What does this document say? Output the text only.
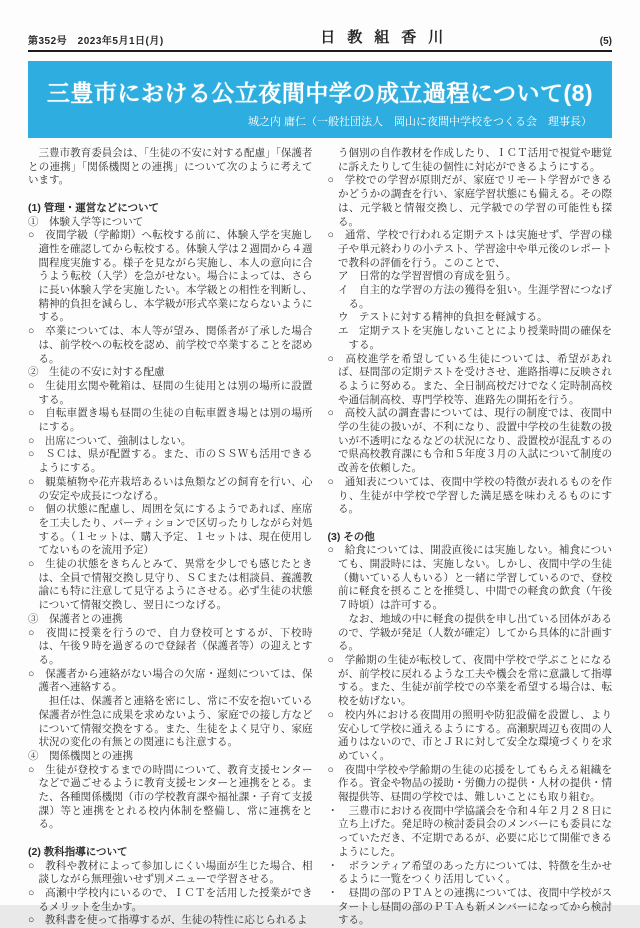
第352号　2023年5月1日(月)	日教組香川	(5)
三豊市における公立夜間中学の成立過程について(8)
城之内 庸仁（一般社団法人　岡山に夜間中学校をつくる会　理事長）
三豊市教育委員会は、「生徒の不安に対する配慮」「保護者との連携」「関係機関との連携」について次のように考えています。
(1) 管理・運営などについて
①　体験入学等について
○　夜間学級（学齢期）へ転校する前に、体験入学を実施し適性を確認してから転校する。体験入学は２週間から４週間程度実施する。様子を見ながら実施し、本人の意向に合うよう転校（入学）を急がせない。場合によっては、さらに長い体験入学を実施したい。本学級との相性を判断し、精神的負担を減らし、本学級が形式卒業にならないようにする。
○　卒業については、本人等が望み、関係者が了承した場合は、前学校への転校を認め、前学校で卒業することを認める。
②　生徒の不安に対する配慮
○　生徒用玄関や靴箱は、昼間の生徒用とは別の場所に設置する。
○　自転車置き場も昼間の生徒の自転車置き場とは別の場所にする。
○　出席について、強制はしない。
○　ＳＣは、県が配置する。また、市のＳＳＷも活用できるようにする。
○　観葉植物や花卉栽培あるいは魚類などの飼育を行い、心の安定や成長につなげる。
○　個の状態に配慮し、周囲を気にするようであれば、座席を工夫したり、パーティションで区切ったりしながら対処する。（１セットは、購入予定、１セットは、現在使用してないものを流用予定）
○　生徒の状態をきちんとみて、異常を少しでも感じたときは、全員で情報交換し見守り、ＳＣまたは相談員、養護教諭にも特に注意して見守るようにさせる。必ず生徒の状態について情報交換し、翌日につなげる。
③　保護者との連携
○　夜間に授業を行うので、自力登校可とするが、下校時は、午後９時を過ぎるので登録者（保護者等）の迎えとする。
○　保護者から連絡がない場合の欠席・遅刻については、保護者へ連絡する。
担任は、保護者と連絡を密にし、常に不安を抱いている保護者が性急に成果を求めないよう、家庭での接し方などについて情報交換をする。また、生徒をよく見守り、家庭状況の変化の有無との関連にも注意する。
④　関係機関との連携
○　生徒が登校するまでの時間について、教育支援センターなどで過ごせるように教育支援センターと連携をとる。また、各種関係機関（市の学校教育課や福祉課・子育て支援課）等と連携をとれる校内体制を整備し、常に連携をとる。
(2) 教科指導について
○　教科や教材によって参加しにくい場面が生じた場合、相談しながら無理強いせず別メニューで学習させる。
○　高瀬中学校内にいるので、ＩＣＴを活用した授業ができるメリットを生かす。
○　教科書を使って指導するが、生徒の特性に応じられるよ
う個別の自作教材を作成したり、ＩＣＴ活用で視覚や聴覚に訴えたりして生徒の個性に対応ができるようにする。
○　学校での学習が原則だが、家庭でリモート学習ができるかどうかの調査を行い、家庭学習状態にも備える。その際は、元学級と情報交換し、元学級での学習の可能性も探る。
○　通常、学校で行われる定期テストは実施せず、学習の様子や単元終わりの小テスト、学習途中や単元後のレポートで教科の評価を行う。このことで、
ア　日常的な学習習慣の育成を狙う。
イ　自主的な学習の方法の獲得を狙い。生涯学習につなげる。
ウ　テストに対する精神的負担を軽減する。
エ　定期テストを実施しないことにより授業時間の確保をする。
○　高校進学を希望している生徒については、希望があれば、昼間部の定期テストを受けさせ、進路指導に反映されるように努める。また、全日制高校だけでなく定時制高校や通信制高校、専門学校等、進路先の開拓を行う。
○　高校入試の調査書については、現行の制度では、夜間中学の生徒の扱いが、不利になり、設置中学校の生徒数の扱いが不透明になるなどの状況になり、設置校が混乱するので県高校教育課にも令和５年度３月の入試について制度の改善を依頼した。
○　通知表については、夜間中学校の特徴が表れるものを作り、生徒が中学校で学習した満足感を味わえるものにする。
(3) その他
○　給食については、開設直後には実施しない。補食についても、開設時には、実施しない。しかし、夜間中学の生徒（働いている人もいる）と一緒に学習しているので、登校前に軽食を摂ることを推奨し、中間での軽食の飲食（午後７時頃）は許可する。
なお、地域の中に軽食の提供を申し出ている団体があるので、学級が発足（人数が確定）してから具体的に計画する。
○　学齢期の生徒が転校して、夜間中学校で学ぶことになるが、前学校に戻れるような工夫や機会を常に意識して指導する。また、生徒が前学校での卒業を希望する場合は、転校を妨げない。
○　校内外における夜間用の照明や防犯設備を設置し、より安心して学校に通えるようにする。高瀬駅周辺も夜間の人通りはないので、市とＪＲに対して安全な環境づくりを求めていく。
○　夜間中学校や学齢期の生徒の応援をしてもらえる組織を作る。資金や物品の援助・労働力の提供・人材の提供・情報提供等、昼間の学校では、難しいことにも取り組む。
・　三豊市における夜間中学協議会を令和４年２月２８日に立ち上げた。発足時の検討委員会のメンバーにも委員になっていただき、不定期であるが、必要に応じて開催できるようにした。
・　ボランティア希望のあった方については、特徴を生かせるように一覧をつくり活用していく。
・　昼間の部のＰＴＡとの連携については、夜間中学校がスタートし昼間の部のＰＴＡも新メンバーになってから検討する。
